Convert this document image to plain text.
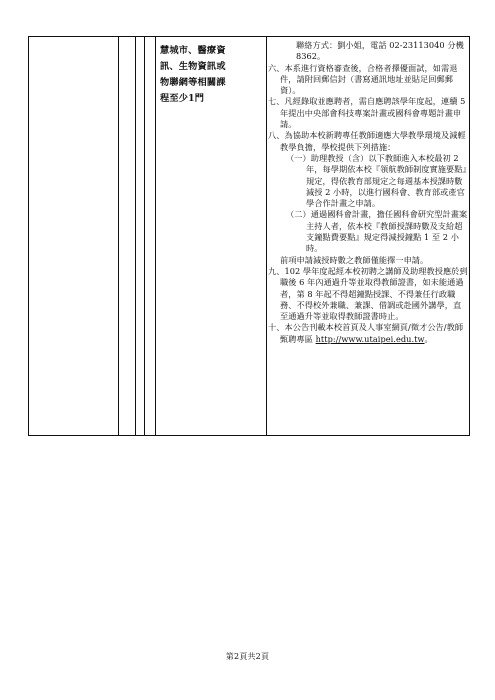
慧城市、醫療資
訊、生物資訊或
物聯網等相關課
程至少1門
聯絡方式：劉小姐，電話 02-23113040 分機 8362。
六、本系進行資格審查後，合格者擇優面試，如需退件，請附回郵信封（書寫通訊地址並貼足回郵郵資）。
七、凡經錄取並應聘者，需自應聘該學年度起，連續 5 年提出中央部會科技專案計畫或國科會專題計畫申請。
八、為協助本校新聘專任教師適應大學教學環境及減輕教學負擔，學校提供下列措施：
（一）助理教授（含）以下教師進入本校最初 2 年，每學期依本校『領航教師制度實施要點』規定，得依教育部規定之每週基本授課時數減授 2 小時，以進行國科會、教育部或產官學合作計畫之申請。
（二）通過國科會計畫，擔任國科會研究型計畫案主持人者，依本校『教師授課時數及支給超支鐘點費要點』規定得減授鐘點 1 至 2 小時。
前項申請減授時數之教師僅能擇一申請。
九、102 學年度起經本校初聘之講師及助理教授應於到職後 6 年內通過升等並取得教師證書，如未能通過者，第 8 年起不得超鐘點授課、不得兼任行政職務、不得校外兼職、兼課、借調或赴國外講學，直至通過升等並取得教師證書時止。
十、本公告刊載本校首頁及人事室網頁/徵才公告/教師甄聘專區 http://www.utaipei.edu.tw。
第2頁共2頁
